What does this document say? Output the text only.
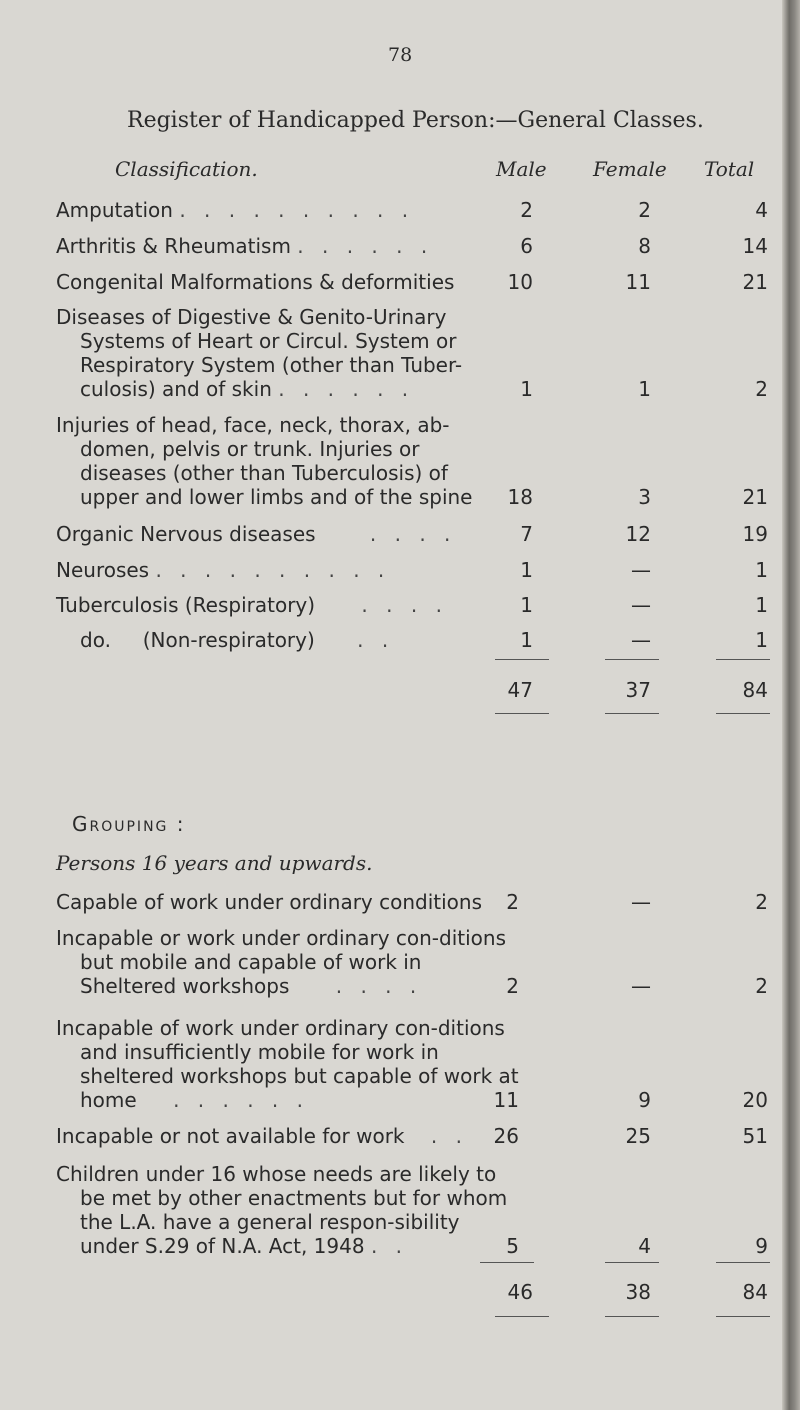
78
Register of Handicapped Person:—General Classes.
Classification.	Male Female Total
Amputation . . . . . . . . . .	2	2	4
Arthritis & Rheumatism . . . . . .	6	8	14
Congenital Malformations & deformities	10	11	21
Diseases of Digestive & Genito-Urinary Systems of Heart or Circul. System or Respiratory System (other than Tuber-culosis) and of skin . . . . . .	1	1	2
Injuries of head, face, neck, thorax, ab-domen, pelvis or trunk. Injuries or diseases (other than Tuberculosis) of upper and lower limbs and of the spine	18	3	21
Organic Nervous diseases	. . . .	7	12	19
Neuroses . . . . . . . . . .	1	—	1
Tuberculosis (Respiratory) . . . .	1	—	1
do.     (Non-respiratory) . .	1	—	1
47	37	84
Grouping :
Persons 16 years and upwards.
Capable of work under ordinary conditions	2	—	2
Incapable or work under ordinary con-ditions but mobile and capable of work in Sheltered workshops . . . .	2	—	2
Incapable of work under ordinary con-ditions and insufficiently mobile for work in sheltered workshops but capable of work at home . . . . . .	11	9	20
Incapable or not available for work . .	26	25	51
Children under 16 whose needs are likely to be met by other enactments but for whom the L.A. have a general respon-sibility under S.29 of N.A. Act, 1948 . .	5	4	9
46	38	84
